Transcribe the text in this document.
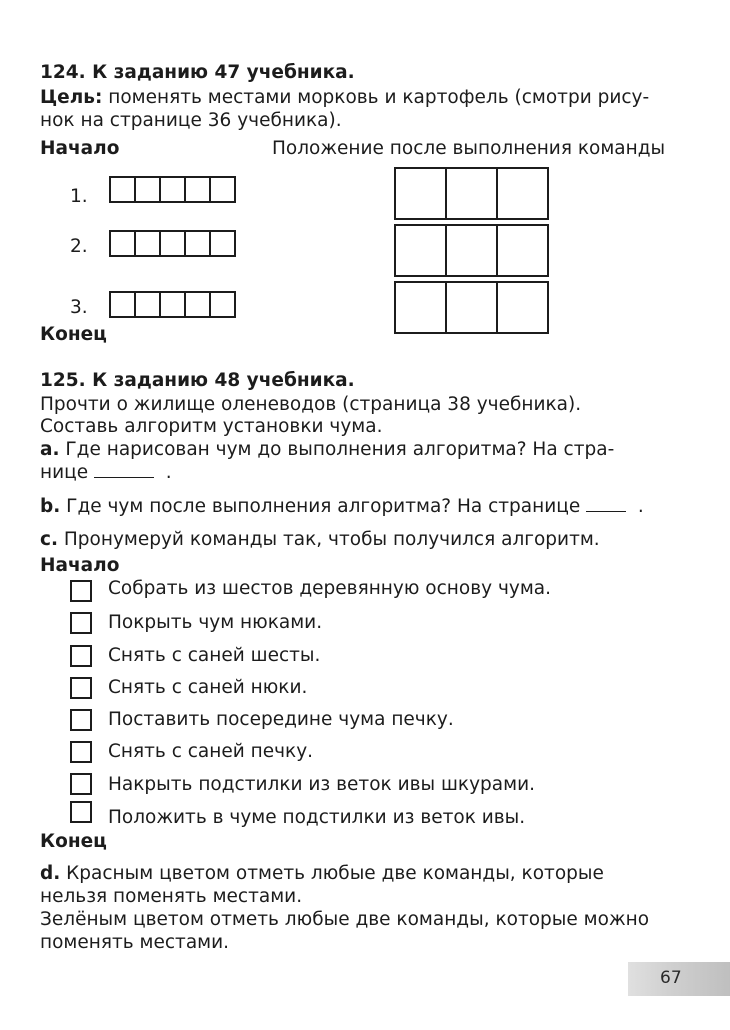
124. К заданию 47 учебника.
Цель: поменять местами морковь и картофель (смотри рису-
нок на странице 36 учебника).
Начало	Положение после выполнения команды
1.
2.
3.
Конец
125. К заданию 48 учебника.
Прочти о жилище оленеводов (страница 38 учебника).
Составь алгоритм установки чума.
a. Где нарисован чум до выполнения алгоритма? На стра-
нице	.
b. Где чум после выполнения алгоритма? На странице	.
c. Пронумеруй команды так, чтобы получился алгоритм.
Начало
Собрать из шестов деревянную основу чума.
Покрыть чум нюками.
Снять с саней шесты.
Снять с саней нюки.
Поставить посередине чума печку.
Снять с саней печку.
Накрыть подстилки из веток ивы шкурами.
Положить в чуме подстилки из веток ивы.
Конец
d. Красным цветом отметь любые две команды, которые
нельзя поменять местами.
Зелёным цветом отметь любые две команды, которые можно
поменять местами.
67
